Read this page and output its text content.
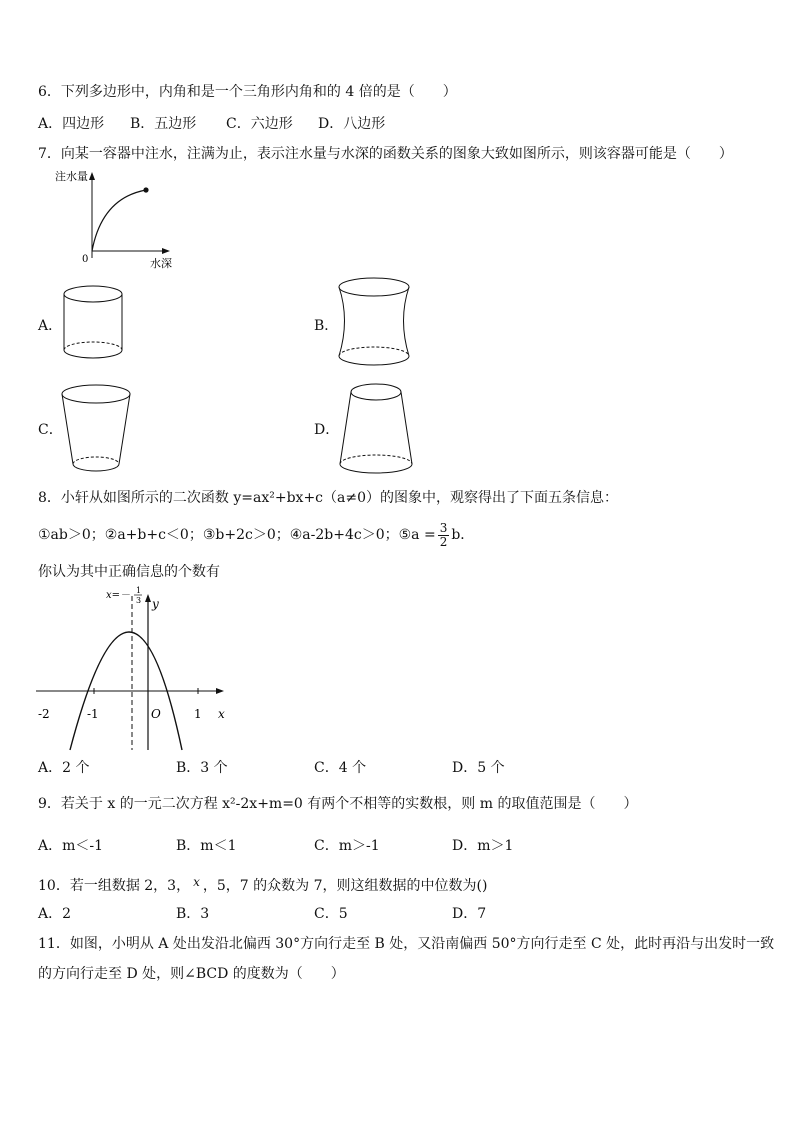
6．下列多边形中，内角和是一个三角形内角和的 4 倍的是（　　）
A．四边形 B．五边形 C．六边形 D．八边形
7．向某一容器中注水，注满为止，表示注水量与水深的函数关系的图象大致如图所示，则该容器可能是（　　）
注水量
0	水深
A．	B．
C．	D．
8．小轩从如图所示的二次函数 y=ax²+bx+c（a≠0）的图象中，观察得出了下面五条信息：
①ab＞0；②a+b+c＜0；③b+2c＞0；④a-2b+4c＞0；⑤a = $\frac{3}{2}$ b．
你认为其中正确信息的个数有
-2	-1	1
O	x
y
x=－ 1
3
A．2 个	B．3 个	C．4 个	D．5 个
9．若关于 x 的一元二次方程 x²-2x+m=0 有两个不相等的实数根，则 m 的取值范围是（　　）
A．m＜-1	B．m＜1	C．m＞-1	D．m＞1
10．若一组数据 2，3， x ，5，7 的众数为 7，则这组数据的中位数为()
A．2	B．3	C．5	D．7
11．如图，小明从 A 处出发沿北偏西 30°方向行走至 B 处，又沿南偏西 50°方向行走至 C 处，此时再沿与出发时一致
的方向行走至 D 处，则∠BCD 的度数为（　　）
